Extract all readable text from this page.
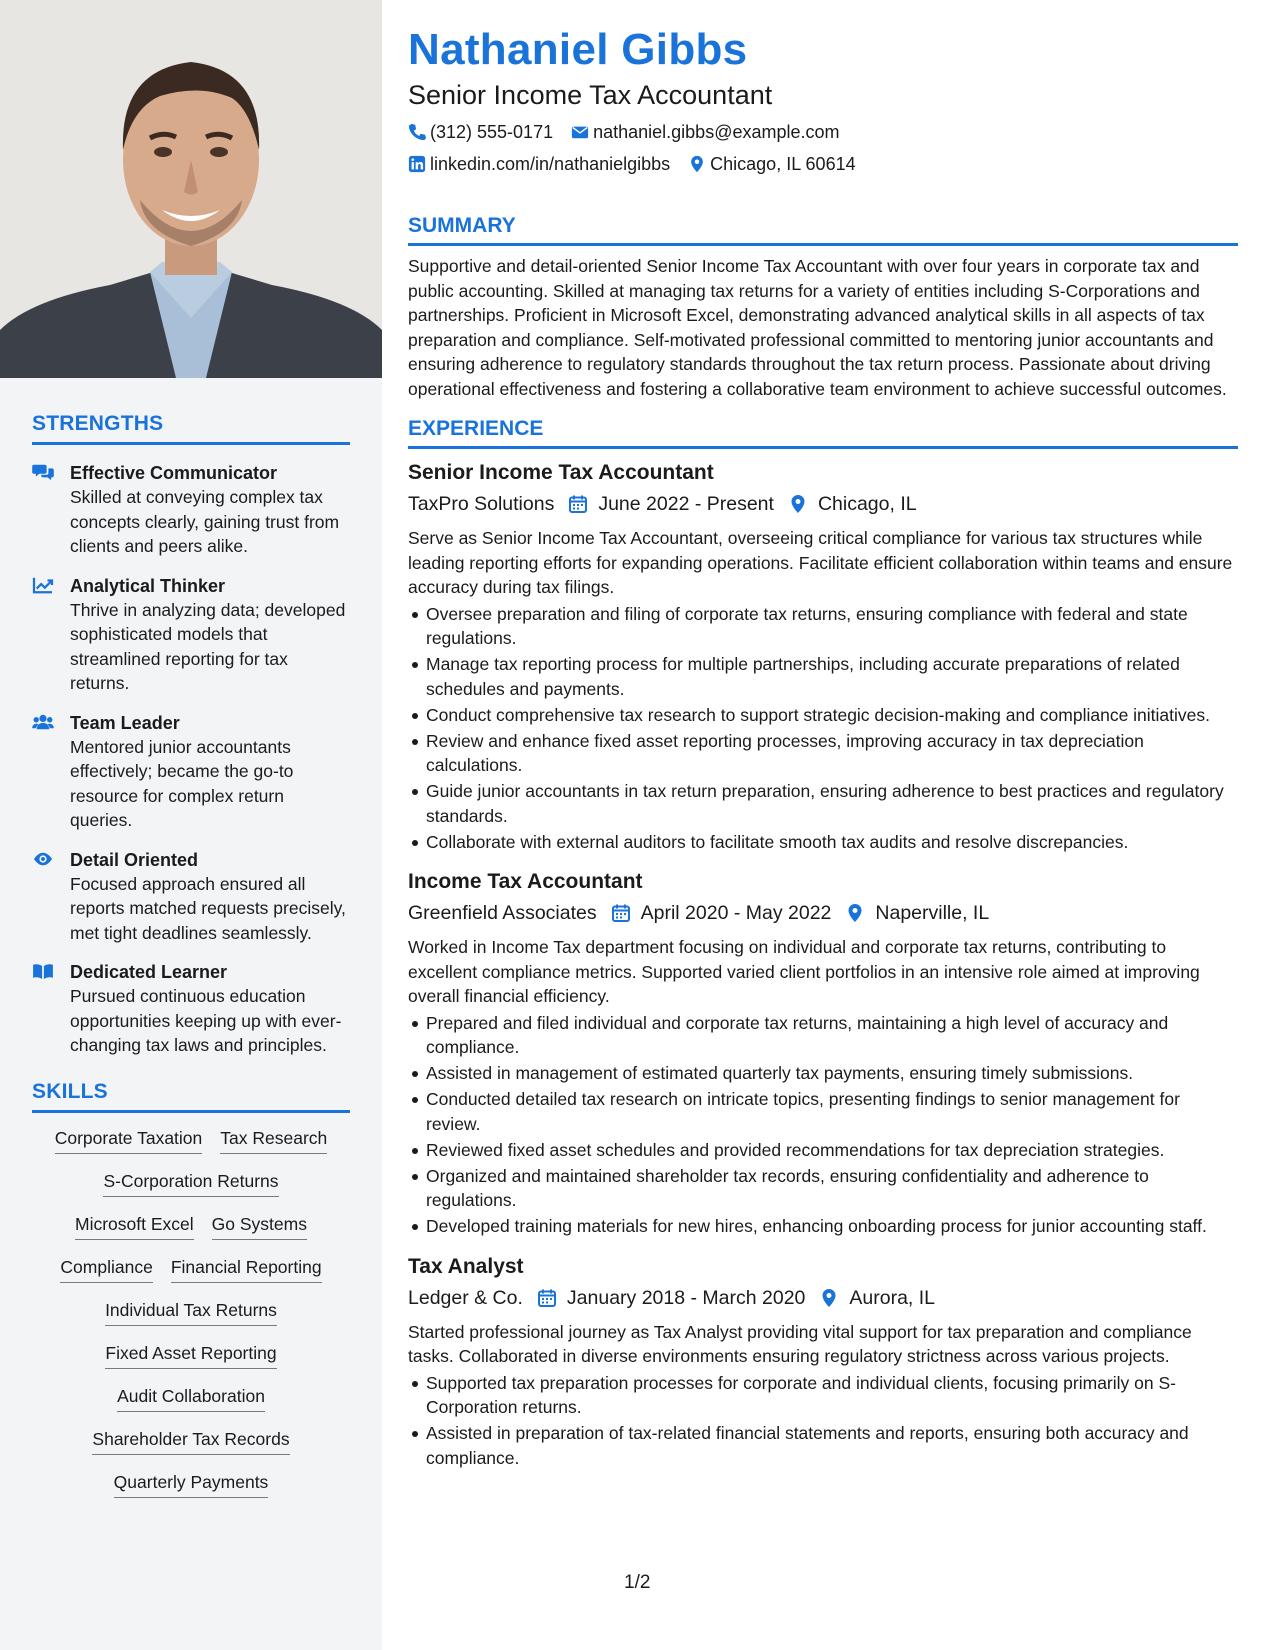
STRENGTHS
Effective Communicator
Skilled at conveying complex tax concepts clearly, gaining trust from clients and peers alike.
Analytical Thinker
Thrive in analyzing data; developed sophisticated models that streamlined reporting for tax returns.
Team Leader
Mentored junior accountants effectively; became the go-to resource for complex return queries.
Detail Oriented
Focused approach ensured all reports matched requests precisely, met tight deadlines seamlessly.
Dedicated Learner
Pursued continuous education opportunities keeping up with ever-changing tax laws and principles.
SKILLS
Corporate Taxation Tax Research
S-Corporation Returns
Microsoft Excel Go Systems
Compliance Financial Reporting
Individual Tax Returns
Fixed Asset Reporting
Audit Collaboration
Shareholder Tax Records
Quarterly Payments
Nathaniel Gibbs
Senior Income Tax Accountant
(312) 555-0171 nathaniel.gibbs@example.com
linkedin.com/in/nathanielgibbs Chicago, IL 60614
SUMMARY
Supportive and detail-oriented Senior Income Tax Accountant with over four years in corporate tax and public accounting. Skilled at managing tax returns for a variety of entities including S-Corporations and partnerships. Proficient in Microsoft Excel, demonstrating advanced analytical skills in all aspects of tax preparation and compliance. Self-motivated professional committed to mentoring junior accountants and ensuring adherence to regulatory standards throughout the tax return process. Passionate about driving operational effectiveness and fostering a collaborative team environment to achieve successful outcomes.
EXPERIENCE
Senior Income Tax Accountant
TaxPro Solutions June 2022 - Present Chicago, IL
Serve as Senior Income Tax Accountant, overseeing critical compliance for various tax structures while leading reporting efforts for expanding operations. Facilitate efficient collaboration within teams and ensure accuracy during tax filings.
Oversee preparation and filing of corporate tax returns, ensuring compliance with federal and state regulations.
Manage tax reporting process for multiple partnerships, including accurate preparations of related schedules and payments.
Conduct comprehensive tax research to support strategic decision-making and compliance initiatives.
Review and enhance fixed asset reporting processes, improving accuracy in tax depreciation calculations.
Guide junior accountants in tax return preparation, ensuring adherence to best practices and regulatory standards.
Collaborate with external auditors to facilitate smooth tax audits and resolve discrepancies.
Income Tax Accountant
Greenfield Associates April 2020 - May 2022 Naperville, IL
Worked in Income Tax department focusing on individual and corporate tax returns, contributing to excellent compliance metrics. Supported varied client portfolios in an intensive role aimed at improving overall financial efficiency.
Prepared and filed individual and corporate tax returns, maintaining a high level of accuracy and compliance.
Assisted in management of estimated quarterly tax payments, ensuring timely submissions.
Conducted detailed tax research on intricate topics, presenting findings to senior management for review.
Reviewed fixed asset schedules and provided recommendations for tax depreciation strategies.
Organized and maintained shareholder tax records, ensuring confidentiality and adherence to regulations.
Developed training materials for new hires, enhancing onboarding process for junior accounting staff.
Tax Analyst
Ledger & Co. January 2018 - March 2020 Aurora, IL
Started professional journey as Tax Analyst providing vital support for tax preparation and compliance tasks. Collaborated in diverse environments ensuring regulatory strictness across various projects.
Supported tax preparation processes for corporate and individual clients, focusing primarily on S-Corporation returns.
Assisted in preparation of tax-related financial statements and reports, ensuring both accuracy and compliance.
1/2
